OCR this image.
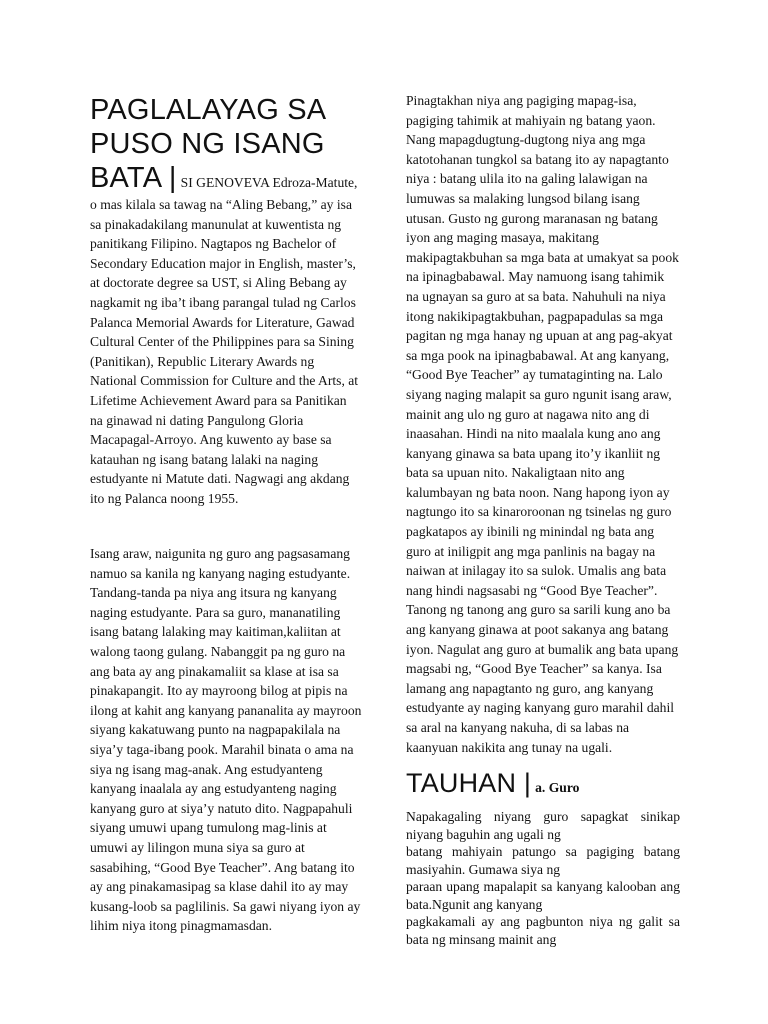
PAGLALAYAG SA
PUSO NG ISANG
BATA | SI GENOVEVA Edroza-Matute, o mas kilala sa tawag na “Aling Bebang,” ay isa sa pinakadakilang manunulat at kuwentista ng panitikang Filipino. Nagtapos ng Bachelor of Secondary Education major in English, master’s, at doctorate degree sa UST, si Aling Bebang ay nagkamit ng iba’t ibang parangal tulad ng Carlos Palanca Memorial Awards for Literature, Gawad Cultural Center of the Philippines para sa Sining (Panitikan), Republic Literary Awards ng National Commission for Culture and the Arts, at Lifetime Achievement Award para sa Panitikan na ginawad ni dating Pangulong Gloria Macapagal-Arroyo. Ang kuwento ay base sa katauhan ng isang batang lalaki na naging estudyante ni Matute dati. Nagwagi ang akdang ito ng Palanca noong 1955.

Isang araw, naigunita ng guro ang pagsasamang namuo sa kanila ng kanyang naging estudyante. Tandang-tanda pa niya ang itsura ng kanyang naging estudyante. Para sa guro, mananatiling isang batang lalaking may kaitiman,kaliitan at walong taong gulang. Nabanggit pa ng guro na ang bata ay ang pinakamaliit sa klase at isa sa pinakapangit. Ito ay mayroong bilog at pipis na ilong at kahit ang kanyang pananalita ay mayroon siyang kakatuwang punto na nagpapakilala na siya’y taga-ibang pook. Marahil binata o ama na siya ng isang mag-anak. Ang estudyanteng kanyang inaalala ay ang estudyanteng naging kanyang guro at siya’y natuto dito. Nagpapahuli siyang umuwi upang tumulong mag-linis at umuwi ay lilingon muna siya sa guro at sasabihing, “Good Bye Teacher”. Ang batang ito ay ang pinakamasipag sa klase dahil ito ay may kusang-loob sa paglilinis. Sa gawi niyang iyon ay lihim niya itong pinagmamasdan.

Pinagtakhan niya ang pagiging mapag-isa, pagiging tahimik at mahiyain ng batang yaon. Nang mapagdugtung-dugtong niya ang mga katotohanan tungkol sa batang ito ay napagtanto niya : batang ulila ito na galing lalawigan na lumuwas sa malaking lungsod bilang isang utusan. Gusto ng gurong maranasan ng batang iyon ang maging masaya, makitang makipagtakbuhan sa mga bata at umakyat sa pook na ipinagbabawal. May namuong isang tahimik na ugnayan sa guro at sa bata. Nahuhuli na niya itong nakikipagtakbuhan, pagpapadulas sa mga pagitan ng mga hanay ng upuan at ang pag-akyat sa mga pook na ipinagbabawal. At ang kanyang, “Good Bye Teacher” ay tumataginting na. Lalo siyang naging malapit sa guro ngunit isang araw, mainit ang ulo ng guro at nagawa nito ang di inaasahan. Hindi na nito maalala kung ano ang kanyang ginawa sa bata upang ito’y ikanliit ng bata sa upuan nito. Nakaligtaan nito ang kalumbayan ng bata noon. Nang hapong iyon ay nagtungo ito sa kinaroroonan ng tsinelas ng guro pagkatapos ay ibinili ng minindal ng bata ang guro at iniligpit ang mga panlinis na bagay na naiwan at inilagay ito sa sulok. Umalis ang bata nang hindi nagsasabi ng “Good Bye Teacher”. Tanong ng tanong ang guro sa sarili kung ano ba ang kanyang ginawa at poot sakanya ang batang iyon. Nagulat ang guro at bumalik ang bata upang magsabi ng, “Good Bye Teacher” sa kanya. Isa lamang ang napagtanto ng guro, ang kanyang estudyante ay naging kanyang guro marahil dahil sa aral na kanyang nakuha, di sa labas na kaanyuan nakikita ang tunay na ugali.

TAUHAN | a. Guro

Napakagaling niyang guro sapagkat sinikap niyang baguhin ang ugali ng

batang mahiyain patungo sa pagiging batang masiyahin. Gumawa siya ng

paraan upang mapalapit sa kanyang kalooban ang bata.Ngunit ang kanyang

pagkakamali ay ang pagbunton niya ng galit sa bata ng minsang mainit ang
